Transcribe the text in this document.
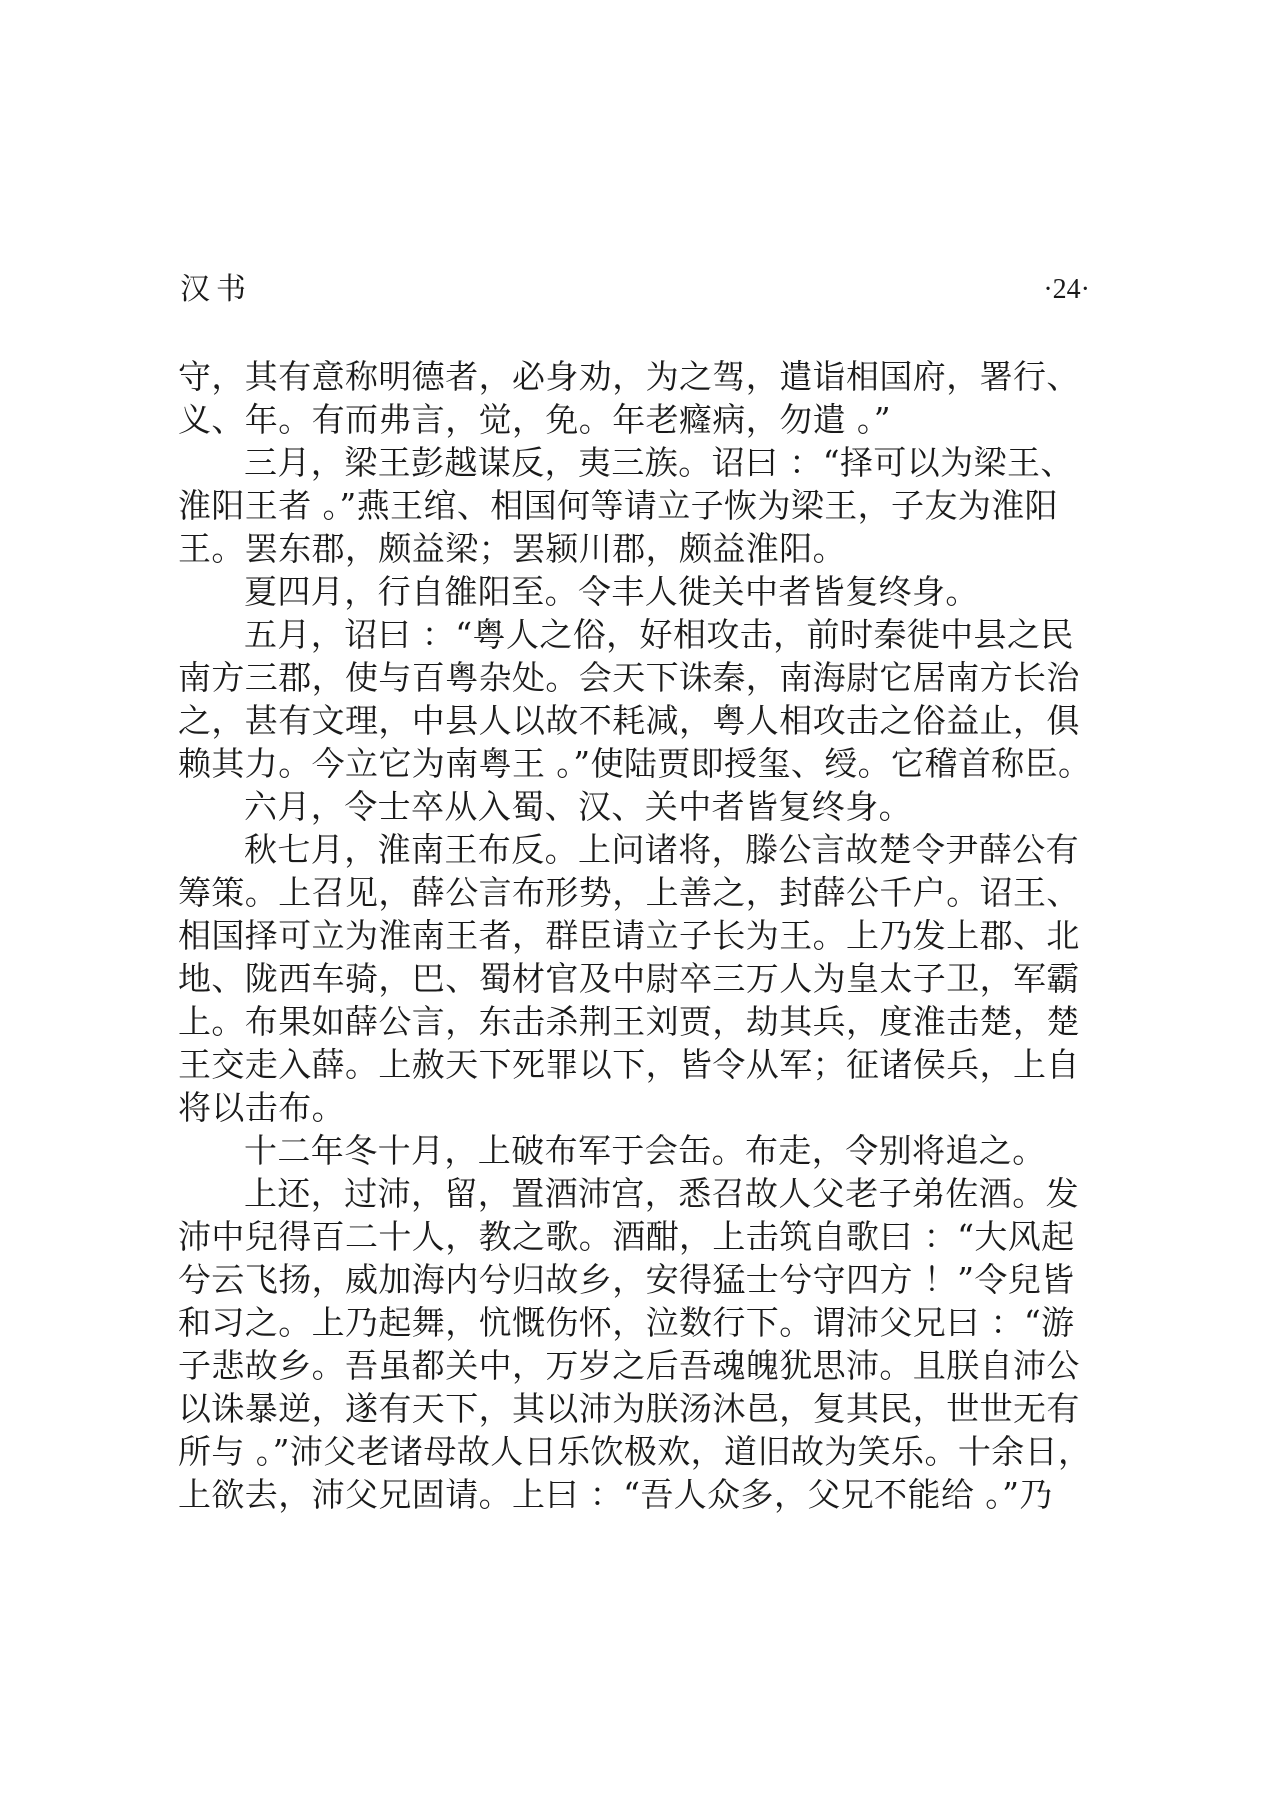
汉书	·24·
守，其有意称明德者，必身劝，为之驾，遣诣相国府，署行、
义、年。有而弗言，觉，免。年老癃病，勿遣 。”
三月，梁王彭越谋反，夷三族。诏曰 ：“择可以为梁王、
淮阳王者 。”燕王绾、相国何等请立子恢为梁王，子友为淮阳
王。罢东郡，颇益梁；罢颍川郡，颇益淮阳。
夏四月，行自雒阳至。令丰人徙关中者皆复终身。
五月，诏曰 ：“粤人之俗，好相攻击，前时秦徙中县之民
南方三郡，使与百粤杂处。会天下诛秦，南海尉它居南方长治
之，甚有文理，中县人以故不耗减，粤人相攻击之俗益止，俱
赖其力。今立它为南粤王 。”使陆贾即授玺、绶。它稽首称臣。
六月，令士卒从入蜀、汉、关中者皆复终身。
秋七月，淮南王布反。上问诸将，滕公言故楚令尹薛公有
筹策。上召见，薛公言布形势，上善之，封薛公千户。诏王、
相国择可立为淮南王者，群臣请立子长为王。上乃发上郡、北
地、陇西车骑，巴、蜀材官及中尉卒三万人为皇太子卫，军霸
上。布果如薛公言，东击杀荆王刘贾，劫其兵，度淮击楚，楚
王交走入薛。上赦天下死罪以下，皆令从军；征诸侯兵，上自
将以击布。
十二年冬十月，上破布军于会缶。布走，令别将追之。
上还，过沛，留，置酒沛宫，悉召故人父老子弟佐酒。发
沛中兒得百二十人，教之歌。酒酣，上击筑自歌曰 ：“大风起
兮云飞扬，威加海内兮归故乡，安得猛士兮守四方 ！”令兒皆
和习之。上乃起舞，忼慨伤怀，泣数行下。谓沛父兄曰 ：“游
子悲故乡。吾虽都关中，万岁之后吾魂魄犹思沛。且朕自沛公
以诛暴逆，遂有天下，其以沛为朕汤沐邑，复其民，世世无有
所与 。”沛父老诸母故人日乐饮极欢，道旧故为笑乐。十余日，
上欲去，沛父兄固请。上曰 ：“吾人众多，父兄不能给 。”乃
